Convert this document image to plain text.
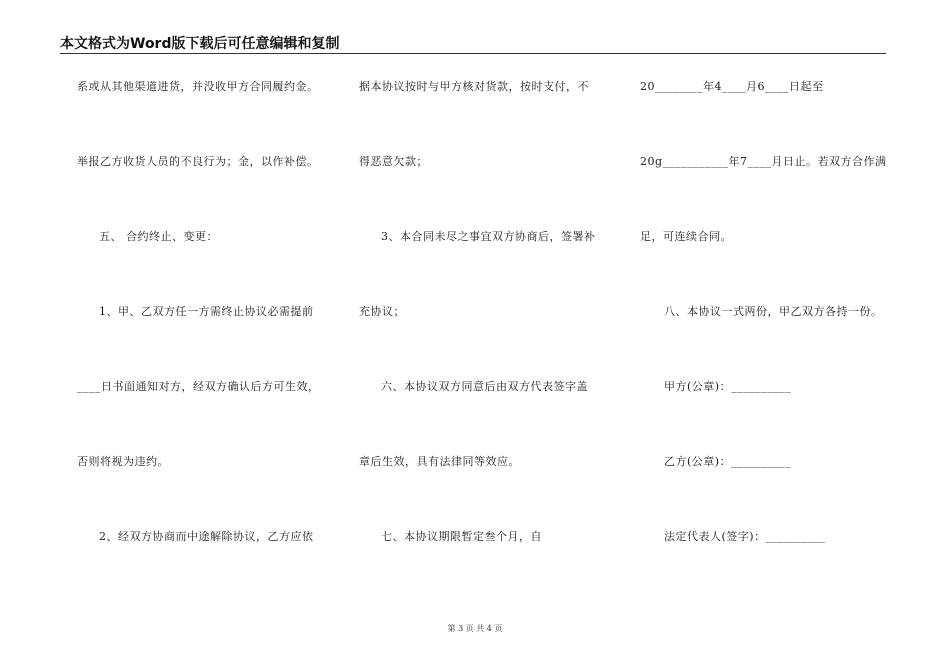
本文格式为Word版下载后可任意编辑和复制
系或从其他渠道进货，并没收甲方合同履约金。
举报乙方收货人员的不良行为；金，以作补偿。
五、 合约终止、变更：
1、甲、乙双方任一方需终止协议必需提前
____日书面通知对方，经双方确认后方可生效，
否则将视为违约。
2、经双方协商而中途解除协议，乙方应依
据本协议按时与甲方核对货款，按时支付，不
得恶意欠款；
3、本合同未尽之事宜双方协商后，签署补
充协议；
六、本协议双方同意后由双方代表签字盖
章后生效，具有法律同等效应。
七、本协议期限暂定叁个月，自
20________年4____月6____日起至
20g___________年7____月日止。若双方合作满
足，可连续合同。
八、本协议一式两份，甲乙双方各持一份。
甲方(公章)：__________
乙方(公章)：__________
法定代表人(签字)：__________
第 3 页 共 4 页
